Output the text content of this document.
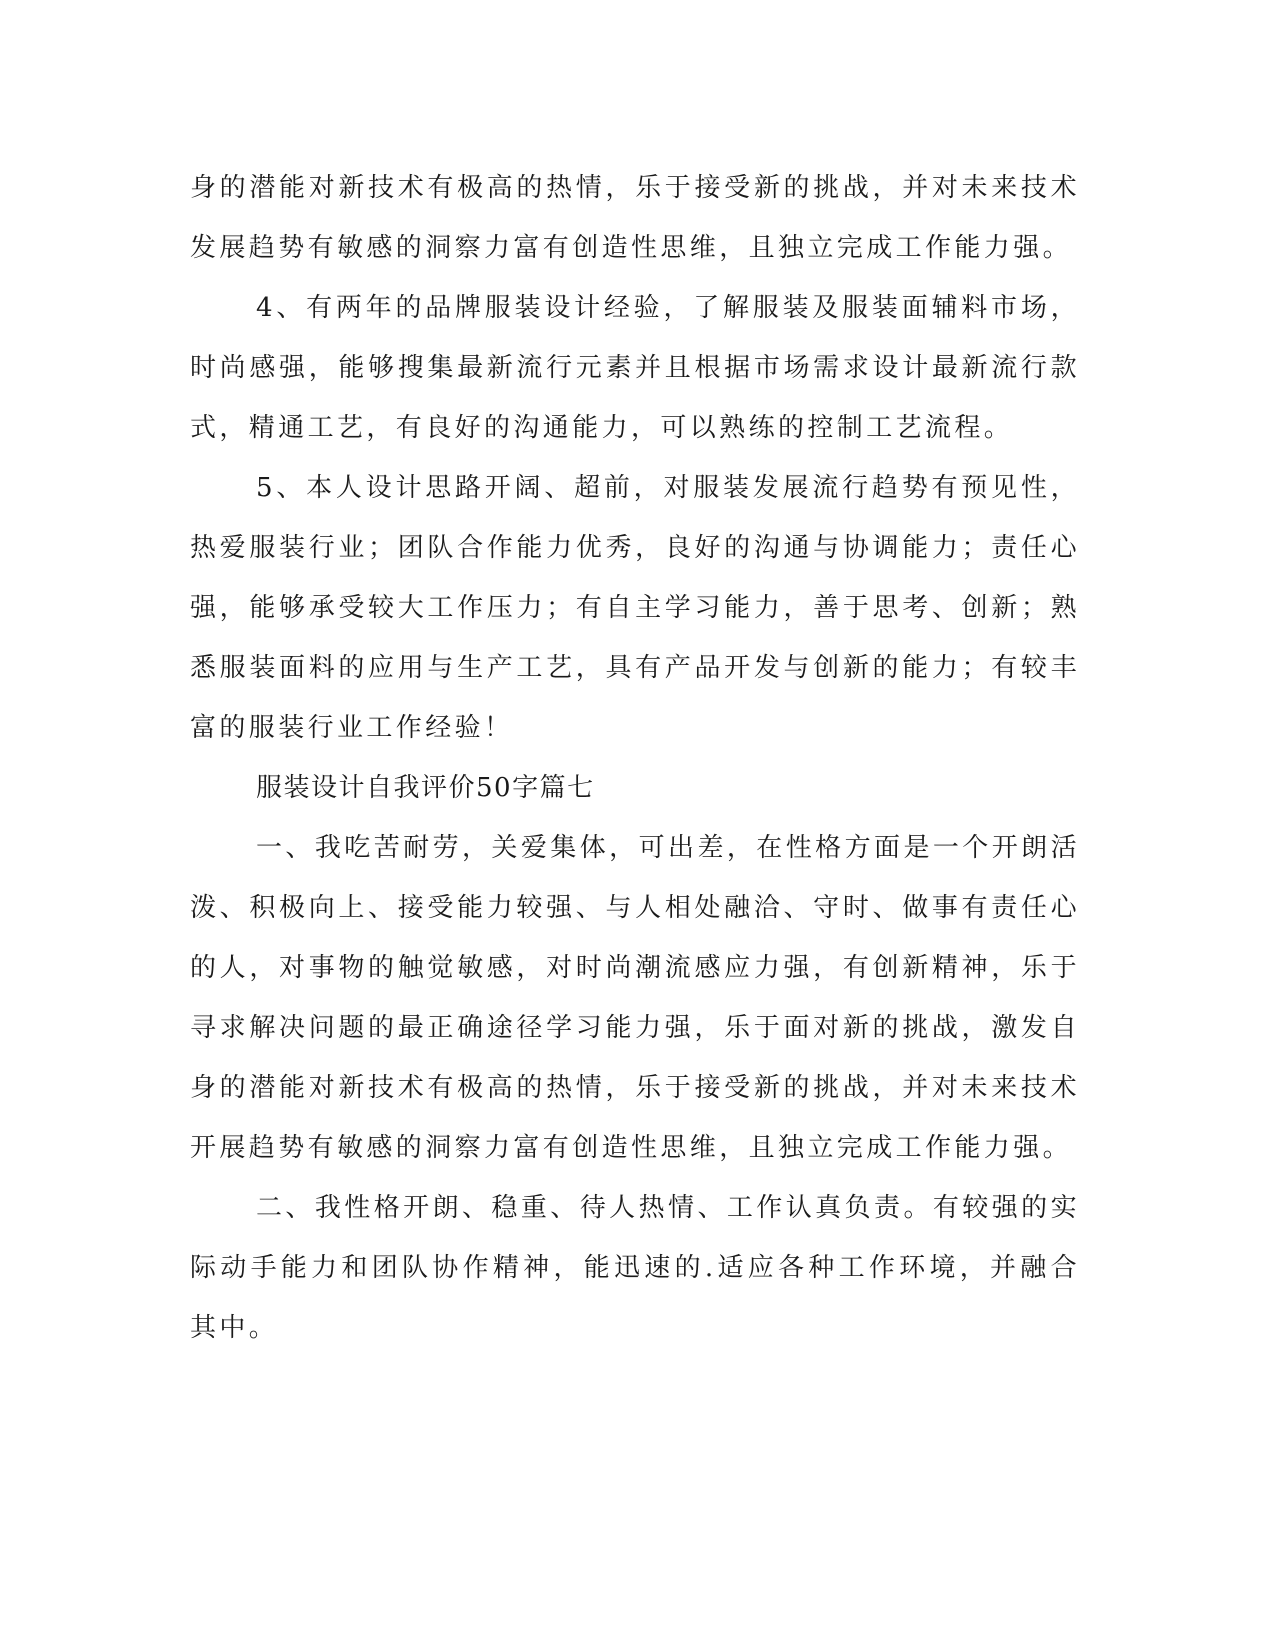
身的潜能对新技术有极高的热情，乐于接受新的挑战，并对未来技术发展趋势有敏感的洞察力富有创造性思维，且独立完成工作能力强。

4、有两年的品牌服装设计经验，了解服装及服装面辅料市场，时尚感强，能够搜集最新流行元素并且根据市场需求设计最新流行款式，精通工艺，有良好的沟通能力，可以熟练的控制工艺流程。

5、本人设计思路开阔、超前，对服装发展流行趋势有预见性，热爱服装行业；团队合作能力优秀，良好的沟通与协调能力；责任心强，能够承受较大工作压力；有自主学习能力，善于思考、创新；熟悉服装面料的应用与生产工艺，具有产品开发与创新的能力；有较丰富的服装行业工作经验！

服装设计自我评价50字篇七

一、我吃苦耐劳，关爱集体，可出差，在性格方面是一个开朗活泼、积极向上、接受能力较强、与人相处融洽、守时、做事有责任心的人，对事物的触觉敏感，对时尚潮流感应力强，有创新精神，乐于寻求解决问题的最正确途径学习能力强，乐于面对新的挑战，激发自身的潜能对新技术有极高的热情，乐于接受新的挑战，并对未来技术开展趋势有敏感的洞察力富有创造性思维，且独立完成工作能力强。

二、我性格开朗、稳重、待人热情、工作认真负责。有较强的实际动手能力和团队协作精神，能迅速的.适应各种工作环境，并融合其中。
